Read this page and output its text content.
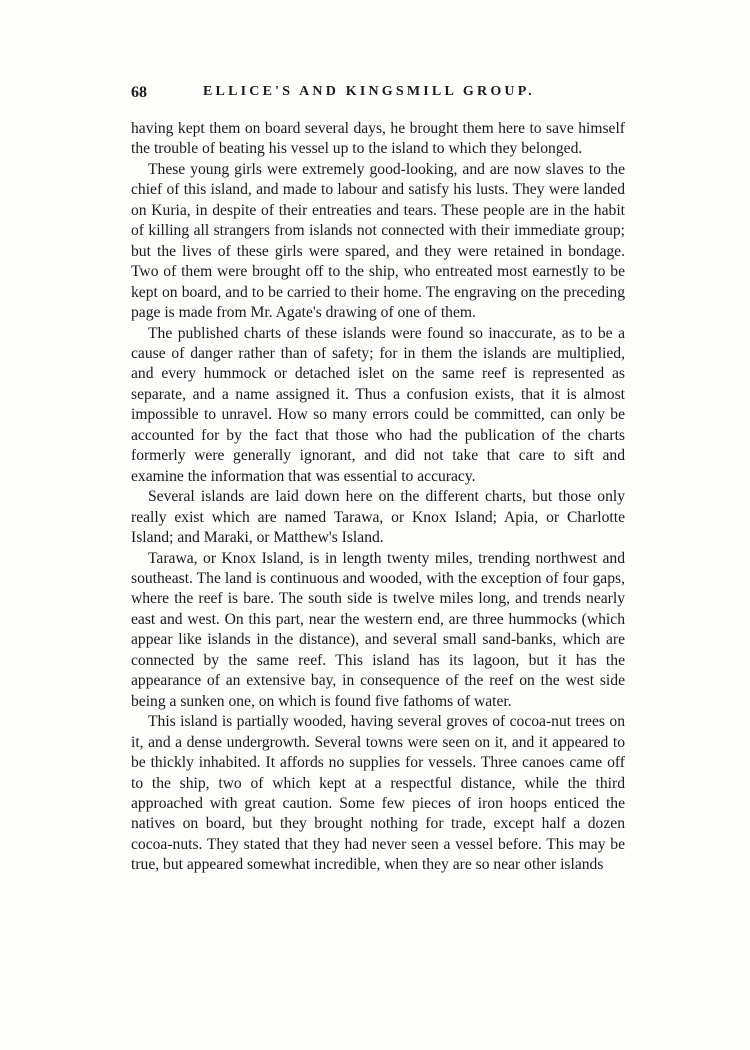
68	ELLICE'S AND KINGSMILL GROUP.

having kept them on board several days, he brought them here to save himself the trouble of beating his vessel up to the island to which they belonged.

These young girls were extremely good-looking, and are now slaves to the chief of this island, and made to labour and satisfy his lusts. They were landed on Kuria, in despite of their entreaties and tears. These people are in the habit of killing all strangers from islands not connected with their immediate group; but the lives of these girls were spared, and they were retained in bondage. Two of them were brought off to the ship, who entreated most earnestly to be kept on board, and to be carried to their home. The engraving on the preceding page is made from Mr. Agate's drawing of one of them.

The published charts of these islands were found so inaccurate, as to be a cause of danger rather than of safety; for in them the islands are multiplied, and every hummock or detached islet on the same reef is represented as separate, and a name assigned it. Thus a confusion exists, that it is almost impossible to unravel. How so many errors could be committed, can only be accounted for by the fact that those who had the publication of the charts formerly were generally ignorant, and did not take that care to sift and examine the information that was essential to accuracy.

Several islands are laid down here on the different charts, but those only really exist which are named Tarawa, or Knox Island; Apia, or Charlotte Island; and Maraki, or Matthew's Island.

Tarawa, or Knox Island, is in length twenty miles, trending northwest and southeast. The land is continuous and wooded, with the exception of four gaps, where the reef is bare. The south side is twelve miles long, and trends nearly east and west. On this part, near the western end, are three hummocks (which appear like islands in the distance), and several small sand-banks, which are connected by the same reef. This island has its lagoon, but it has the appearance of an extensive bay, in consequence of the reef on the west side being a sunken one, on which is found five fathoms of water.

This island is partially wooded, having several groves of cocoa-nut trees on it, and a dense undergrowth. Several towns were seen on it, and it appeared to be thickly inhabited. It affords no supplies for vessels. Three canoes came off to the ship, two of which kept at a respectful distance, while the third approached with great caution. Some few pieces of iron hoops enticed the natives on board, but they brought nothing for trade, except half a dozen cocoa-nuts. They stated that they had never seen a vessel before. This may be true, but appeared somewhat incredible, when they are so near other islands
